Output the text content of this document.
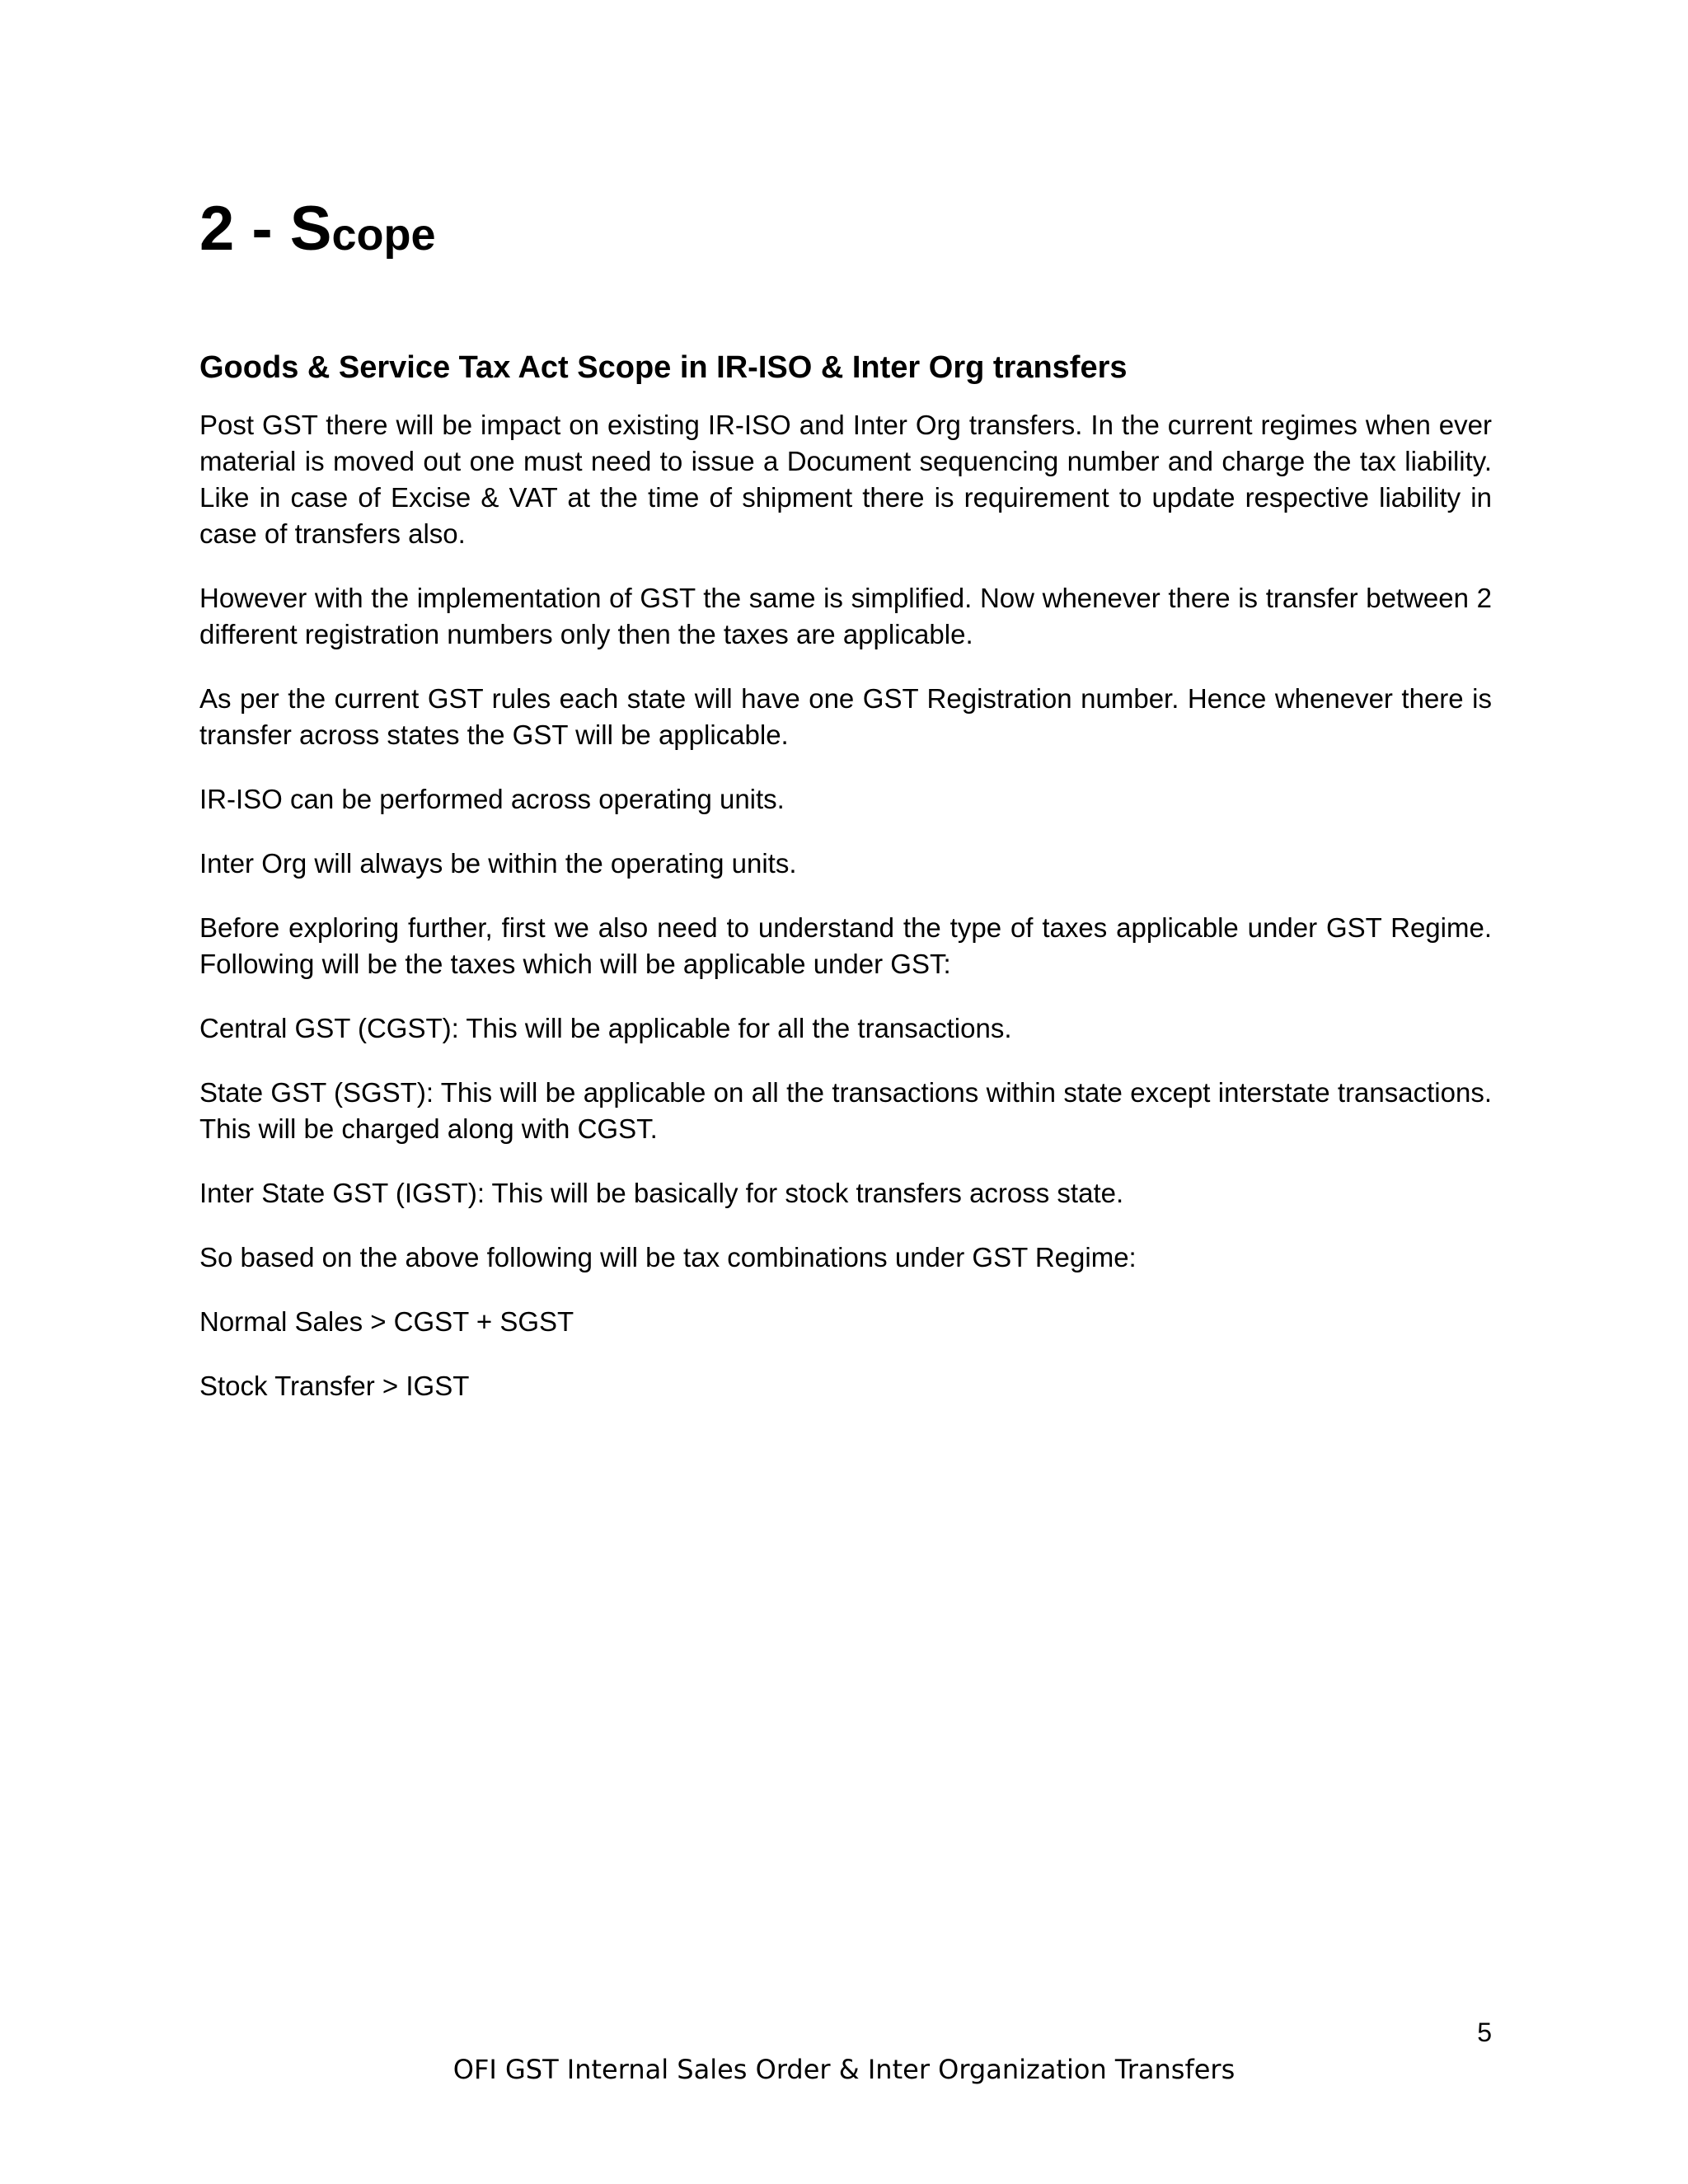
2 - Scope
Goods & Service Tax Act Scope in IR-ISO & Inter Org transfers

Post GST there will be impact on existing IR-ISO and Inter Org transfers. In the current regimes when ever material is moved out one must need to issue a Document sequencing number and charge the tax liability. Like in case of Excise & VAT at the time of shipment there is requirement to update respective liability in case of transfers also.

However with the implementation of GST the same is simplified. Now whenever there is transfer between 2 different registration numbers only then the taxes are applicable.

As per the current GST rules each state will have one GST Registration number. Hence whenever there is transfer across states the GST will be applicable.

IR-ISO can be performed across operating units.

Inter Org will always be within the operating units.

Before exploring further, first we also need to understand the type of taxes applicable under GST Regime. Following will be the taxes which will be applicable under GST:

Central GST (CGST): This will be applicable for all the transactions.

State GST (SGST): This will be applicable on all the transactions within state except interstate transactions. This will be charged along with CGST.

Inter State GST (IGST): This will be basically for stock transfers across state.

So based on the above following will be tax combinations under GST Regime:

Normal Sales > CGST + SGST

Stock Transfer > IGST

5
OFI GST Internal Sales Order & Inter Organization Transfers
